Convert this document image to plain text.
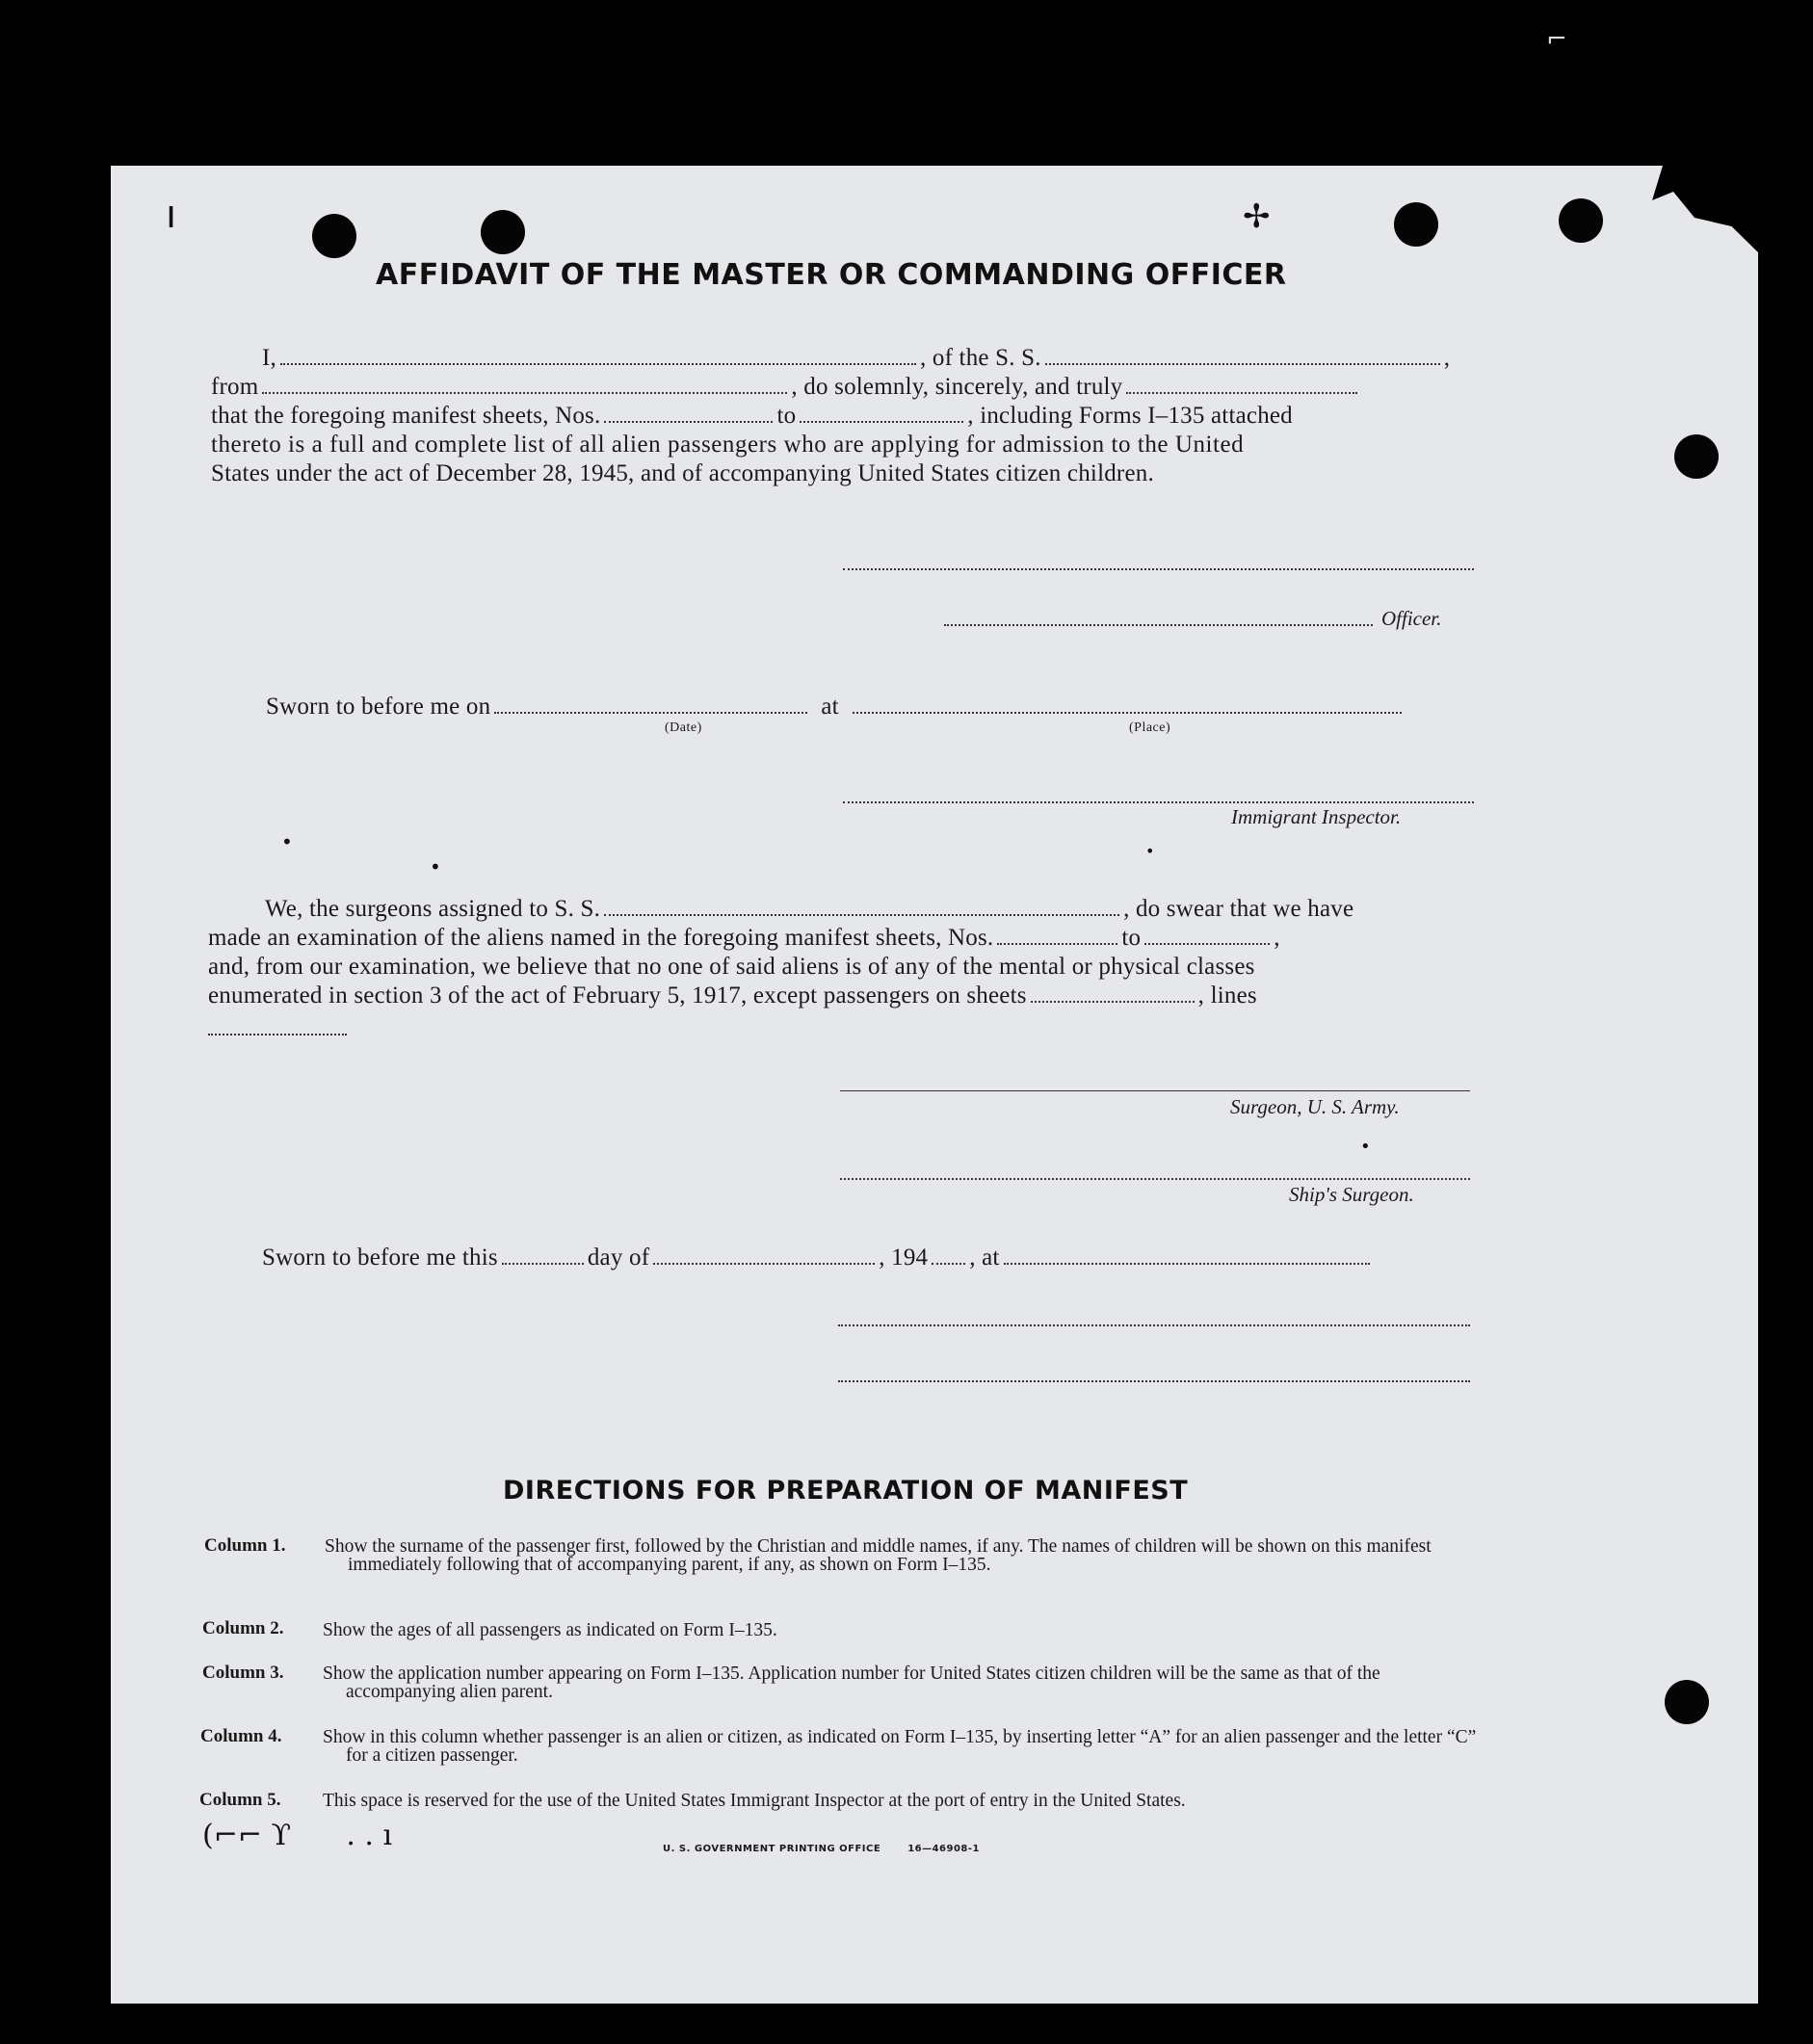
ı	✢
⌐
•
•
•
•
AFFIDAVIT OF THE MASTER OR COMMANDING OFFICER
I,	, of the S. S.	,
from	, do solemnly, sincerely, and truly
that the foregoing manifest sheets, Nos.	to	, including Forms I–135 attached
thereto is a full and complete list of all alien passengers who are applying for admission to the United
States under the act of December 28, 1945, and of accompanying United States citizen children.
Officer.
Sworn to before me on	at
(Date)	(Place)
Immigrant Inspector.
We, the surgeons assigned to S. S.	, do swear that we have
made an examination of the aliens named in the foregoing manifest sheets, Nos.	to	,
and, from our examination, we believe that no one of said aliens is of any of the mental or physical classes
enumerated in section 3 of the act of February 5, 1917, except passengers on sheets	, lines
Surgeon, U. S. Army.
Ship's Surgeon.
Sworn to before me this	day of	, 194 , at
DIRECTIONS FOR PREPARATION OF MANIFEST
Column 1. Show the surname of the passenger first, followed by the Christian and middle names, if any. The names of children will be shown on this manifest immediately following that of accompanying parent, if any, as shown on Form I–135.
Column 2. Show the ages of all passengers as indicated on Form I–135.
Column 3. Show the application number appearing on Form I–135. Application number for United States citizen children will be the same as that of the accompanying alien parent.
Column 4. Show in this column whether passenger is an alien or citizen, as indicated on Form I–135, by inserting letter “A” for an alien passenger and the letter “C” for a citizen passenger.
Column 5. This space is reserved for the use of the United States Immigrant Inspector at the port of entry in the United States.
(⌐⌐ ϒ      . . ı	U. S. GOVERNMENT PRINTING OFFICE	16—46908-1
